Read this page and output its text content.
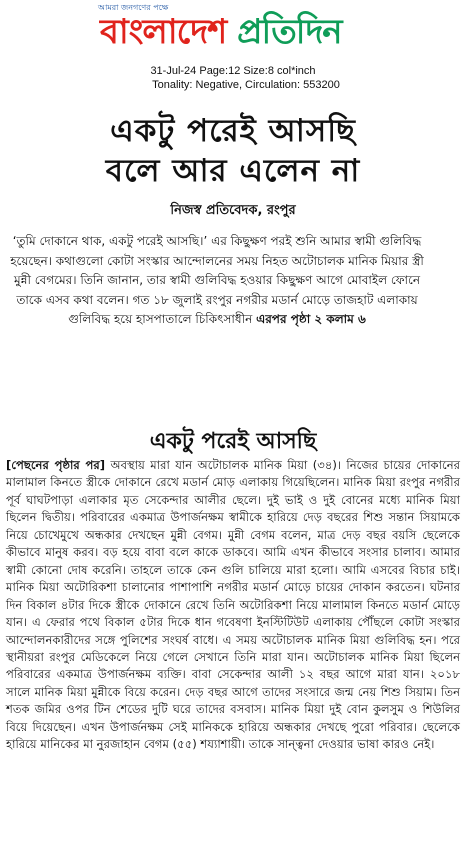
আমরা জনগণের পক্ষে
বাংলাদেশ প্রতিদিন
31-Jul-24 Page:12 Size:8 col*inch
Tonality: Negative, Circulation: 553200
একটু পরেই আসছি
বলে আর এলেন না
নিজস্ব প্রতিবেদক, রংপুর
‘তুমি দোকানে থাক, একটু পরেই আসছি।’ এর কিছুক্ষণ পরই শুনি আমার স্বামী গুলিবিদ্ধ হয়েছেন। কথাগুলো কোটা সংস্কার আন্দোলনের সময় নিহত অটোচালক মানিক মিয়ার স্ত্রী মুন্নী বেগমের। তিনি জানান, তার স্বামী গুলিবিদ্ধ হওয়ার কিছুক্ষণ আগে মোবাইল ফোনে তাকে এসব কথা বলেন। গত ১৮ জুলাই রংপুর নগরীর মডার্ন মোড়ে তাজহাট এলাকায় গুলিবিদ্ধ হয়ে হাসপাতালে চিকিৎসাধীন এরপর পৃষ্ঠা ২ কলাম ৬
একটু পরেই আসছি

[পেছনের পৃষ্ঠার পর] অবস্থায় মারা যান অটোচালক মানিক মিয়া (৩৪)। নিজের চায়ের দোকানের মালামাল কিনতে স্ত্রীকে দোকানে রেখে মডার্ন মোড় এলাকায় গিয়েছিলেন। মানিক মিয়া রংপুর নগরীর পূর্ব ঘাঘটপাড়া এলাকার মৃত সেকেন্দার আলীর ছেলে। দুই ভাই ও দুই বোনের মধ্যে মানিক মিয়া ছিলেন দ্বিতীয়। পরিবারের একমাত্র উপার্জনক্ষম স্বামীকে হারিয়ে দেড় বছরের শিশু সন্তান সিয়ামকে নিয়ে চোখেমুখে অন্ধকার দেখছেন মুন্নী বেগম। মুন্নী বেগম বলেন, মাত্র দেড় বছর বয়সি ছেলেকে কীভাবে মানুষ করব। বড় হয়ে বাবা বলে কাকে ডাকবে। আমি এখন কীভাবে সংসার চালাব। আমার স্বামী কোনো দোষ করেনি। তাহলে তাকে কেন গুলি চালিয়ে মারা হলো। আমি এসবের বিচার চাই। মানিক মিয়া অটোরিকশা চালানোর পাশাপাশি নগরীর মডার্ন মোড়ে চায়ের দোকান করতেন। ঘটনার দিন বিকাল ৪টার দিকে স্ত্রীকে দোকানে রেখে তিনি অটোরিকশা নিয়ে মালামাল কিনতে মডার্ন মোড়ে যান। এ ফেরার পথে বিকাল ৫টার দিকে ধান গবেষণা ইনস্টিটিউট এলাকায় পৌঁছলে কোটা সংস্কার আন্দোলনকারীদের সঙ্গে পুলিশের সংঘর্ষ বাধে। এ সময় অটোচালক মানিক মিয়া গুলিবিদ্ধ হন। পরে স্থানীয়রা রংপুর মেডিকেলে নিয়ে গেলে সেখানে তিনি মারা যান। অটোচালক মানিক মিয়া ছিলেন পরিবারের একমাত্র উপার্জনক্ষম ব্যক্তি। বাবা সেকেন্দার আলী ১২ বছর আগে মারা যান। ২০১৮ সালে মানিক মিয়া মুন্নীকে বিয়ে করেন। দেড় বছর আগে তাদের সংসারে জন্ম নেয় শিশু সিয়াম। তিন শতক জমির ওপর টিন শেডের দুটি ঘরে তাদের বসবাস। মানিক মিয়া দুই বোন কুলসুম ও শিউলির বিয়ে দিয়েছেন। এখন উপার্জনক্ষম সেই মানিককে হারিয়ে অন্ধকার দেখছে পুরো পরিবার। ছেলেকে হারিয়ে মানিকের মা নুরজাহান বেগম (৫৫) শয্যাশায়ী। তাকে সান্ত্বনা দেওয়ার ভাষা কারও নেই।
